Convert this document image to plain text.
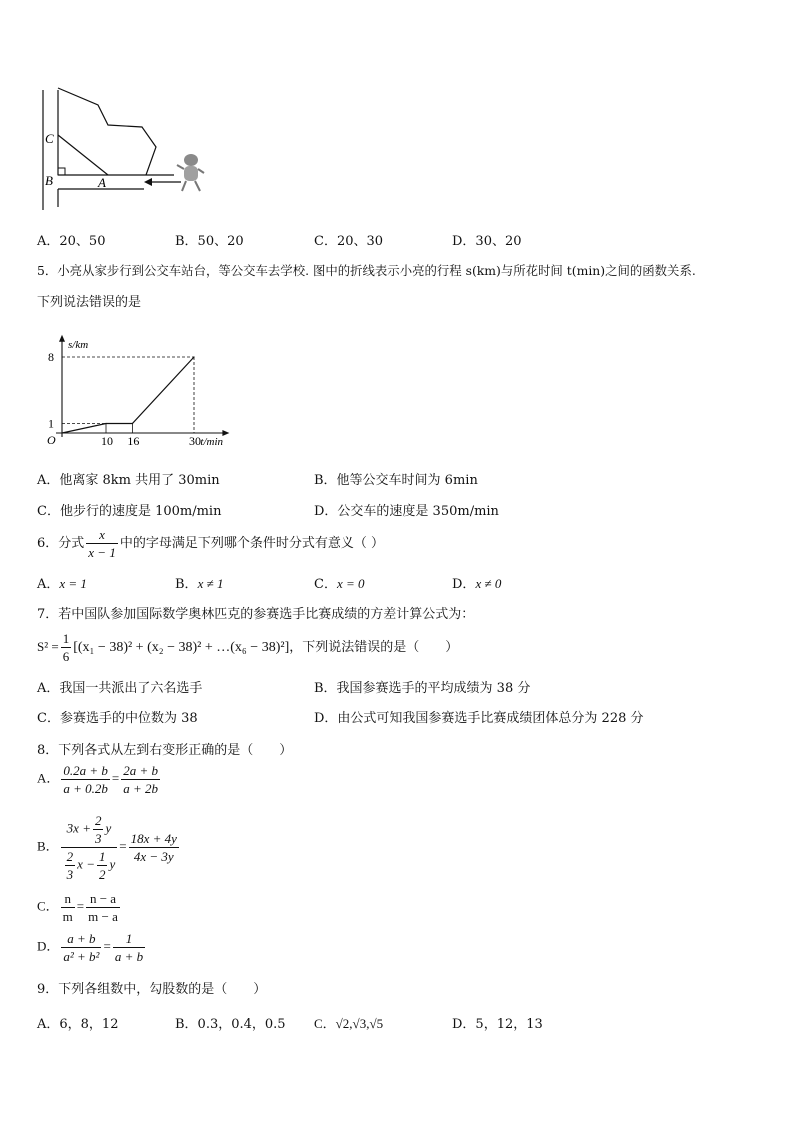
C
B	A
A．20、50	B．50、20	C．20、30	D．30、20
5．小亮从家步行到公交车站台，等公交车去学校. 图中的折线表示小亮的行程 s(km)与所花时间 t(min)之间的函数关系.
下列说法错误的是
O	10 16	30
1
8
t/min
s/km
A．他离家 8km 共用了 30min	B．他等公交车时间为 6min
C．他步行的速度是 100m/min	D．公交车的速度是 350m/min
6．分式 $\frac{x}{x - 1}$ 中的字母满足下列哪个条件时分式有意义（ ）
A．x = 1	B．x ≠ 1	C．x = 0	D．x ≠ 0
7．若中国队参加国际数学奥林匹克的参赛选手比赛成绩的方差计算公式为：
$S^2 = \frac{1}{6} [(x_1 - 38)^2 + (x_2 - 38)^2$ + …(x₆ − 38)²]，下列说法错误的是（　　）
A．我国一共派出了六名选手	B．我国参赛选手的平均成绩为 38 分
C．参赛选手的中位数为 38	D．由公式可知我国参赛选手比赛成绩团体总分为 228 分
8．下列各式从左到右变形正确的是（　　）
A． $\frac{0.2a + b}{a + 0.2b} = \frac{2a + b}{a + 2b}$
B． $\frac{3x + \frac{2}{3} y}{\frac{2}{3} x - \frac{1}{2} y} = \frac{18x + 4y}{4x - 3y}$
C． $\frac{n}{m} = \frac{n - a}{m - a}$
D． $\frac{a + b}{\text{a² + b²}} = \frac{1}{a + b}$
9．下列各组数中，勾股数的是（　　）
A．6，8，12	B．0.3，0.4，0.5 C．√2,√3,√5	D．5，12，13
